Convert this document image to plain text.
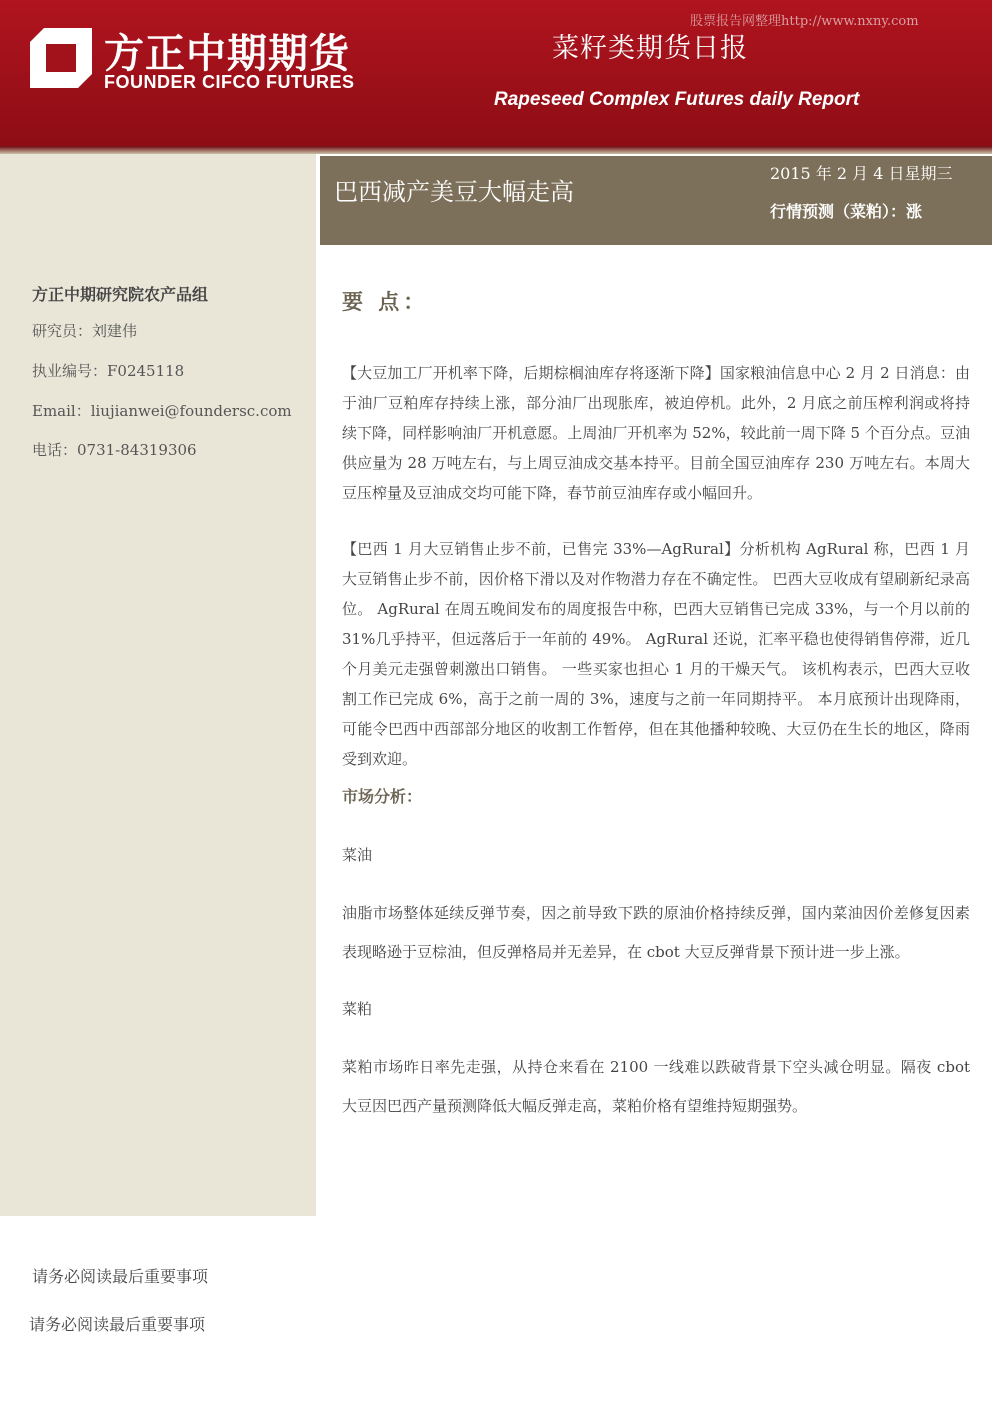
方正中期期货
FOUNDER CIFCO FUTURES
股票报告网整理http://www.nxny.com
菜籽类期货日报
Rapeseed Complex Futures daily Report
方正中期研究院农产品组
研究员：刘建伟
执业编号：F0245118
Email：liujianwei@foundersc.com
电话：0731-84319306
巴西减产美豆大幅走高
2015 年 2 月 4 日星期三
行情预测（菜粕）：涨
要 点：

【大豆加工厂开机率下降，后期棕榈油库存将逐渐下降】国家粮油信息中心 2 月 2 日消息：由于油厂豆粕库存持续上涨，部分油厂出现胀库，被迫停机。此外，2 月底之前压榨利润或将持续下降，同样影响油厂开机意愿。上周油厂开机率为 52%，较此前一周下降 5 个百分点。豆油供应量为 28 万吨左右，与上周豆油成交基本持平。目前全国豆油库存 230 万吨左右。本周大豆压榨量及豆油成交均可能下降，春节前豆油库存或小幅回升。

【巴西 1 月大豆销售止步不前，已售完 33%—AgRural】分析机构 AgRural 称，巴西 1 月大豆销售止步不前，因价格下滑以及对作物潜力存在不确定性。 巴西大豆收成有望刷新纪录高位。 AgRural 在周五晚间发布的周度报告中称，巴西大豆销售已完成 33%，与一个月以前的 31%几乎持平，但远落后于一年前的 49%。 AgRural 还说，汇率平稳也使得销售停滞，近几个月美元走强曾刺激出口销售。 一些买家也担心 1 月的干燥天气。 该机构表示，巴西大豆收割工作已完成 6%，高于之前一周的 3%，速度与之前一年同期持平。 本月底预计出现降雨，可能令巴西中西部部分地区的收割工作暂停，但在其他播种较晚、大豆仍在生长的地区，降雨受到欢迎。

市场分析：

菜油

油脂市场整体延续反弹节奏，因之前导致下跌的原油价格持续反弹，国内菜油因价差修复因素表现略逊于豆棕油，但反弹格局并无差异，在 cbot 大豆反弹背景下预计进一步上涨。

菜粕

菜粕市场昨日率先走强，从持仓来看在 2100 一线难以跌破背景下空头减仓明显。隔夜 cbot 大豆因巴西产量预测降低大幅反弹走高，菜粕价格有望维持短期强势。

请务必阅读最后重要事项
请务必阅读最后重要事项
